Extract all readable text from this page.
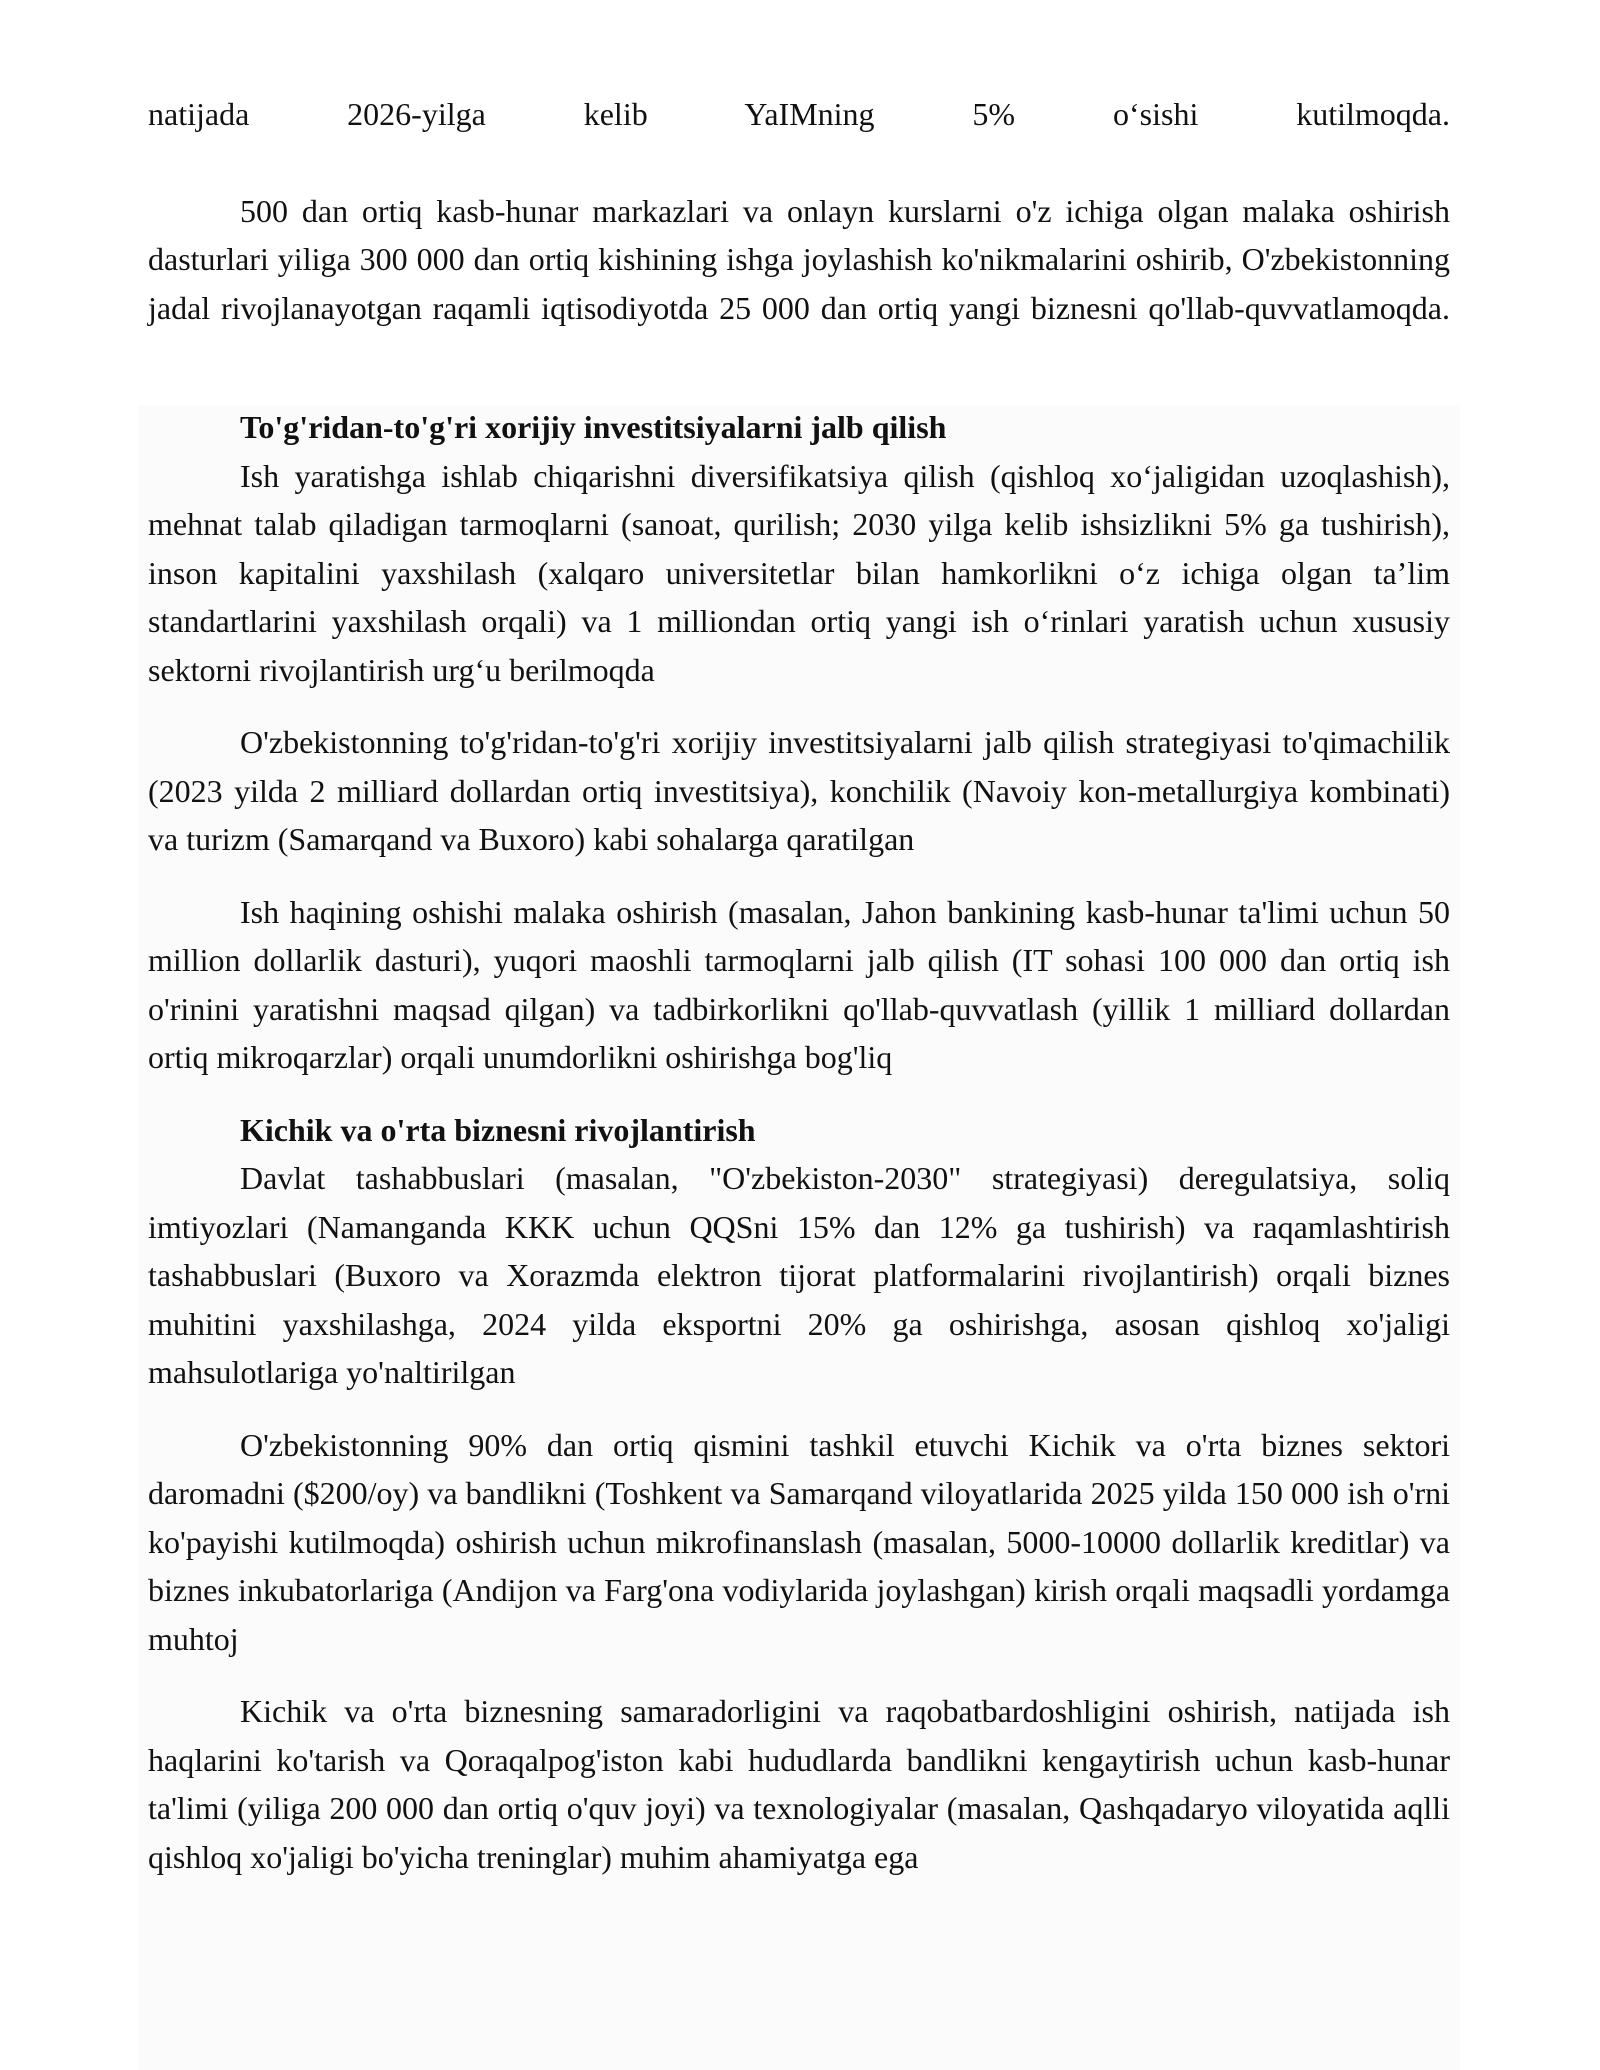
natijada 2026-yilga kelib YaIMning 5% o‘sishi kutilmoqda.

500 dan ortiq kasb-hunar markazlari va onlayn kurslarni o'z ichiga olgan malaka oshirish dasturlari yiliga 300 000 dan ortiq kishining ishga joylashish ko'nikmalarini oshirib, O'zbekistonning jadal rivojlanayotgan raqamli iqtisodiyotda 25 000 dan ortiq yangi biznesni qo'llab-quvvatlamoqda.

To'g'ridan-to'g'ri xorijiy investitsiyalarni jalb qilish

Ish yaratishga ishlab chiqarishni diversifikatsiya qilish (qishloq xo‘jaligidan uzoqlashish), mehnat talab qiladigan tarmoqlarni (sanoat, qurilish; 2030 yilga kelib ishsizlikni 5% ga tushirish), inson kapitalini yaxshilash (xalqaro universitetlar bilan hamkorlikni o‘z ichiga olgan ta’lim standartlarini yaxshilash orqali) va 1 milliondan ortiq yangi ish o‘rinlari yaratish uchun xususiy sektorni rivojlantirish urg‘u berilmoqda

O'zbekistonning to'g'ridan-to'g'ri xorijiy investitsiyalarni jalb qilish strategiyasi to'qimachilik (2023 yilda 2 milliard dollardan ortiq investitsiya), konchilik (Navoiy kon-metallurgiya kombinati) va turizm (Samarqand va Buxoro) kabi sohalarga qaratilgan

Ish haqining oshishi malaka oshirish (masalan, Jahon bankining kasb-hunar ta'limi uchun 50 million dollarlik dasturi), yuqori maoshli tarmoqlarni jalb qilish (IT sohasi 100 000 dan ortiq ish o'rinini yaratishni maqsad qilgan) va tadbirkorlikni qo'llab-quvvatlash (yillik 1 milliard dollardan ortiq mikroqarzlar) orqali unumdorlikni oshirishga bog'liq

Kichik va o'rta biznesni rivojlantirish

Davlat tashabbuslari (masalan, "O'zbekiston-2030" strategiyasi) deregulatsiya, soliq imtiyozlari (Namanganda KKK uchun QQSni 15% dan 12% ga tushirish) va raqamlashtirish tashabbuslari (Buxoro va Xorazmda elektron tijorat platformalarini rivojlantirish) orqali biznes muhitini yaxshilashga, 2024 yilda eksportni 20% ga oshirishga, asosan qishloq xo'jaligi mahsulotlariga yo'naltirilgan

O'zbekistonning 90% dan ortiq qismini tashkil etuvchi Kichik va o'rta biznes sektori daromadni ($200/oy) va bandlikni (Toshkent va Samarqand viloyatlarida 2025 yilda 150 000 ish o'rni ko'payishi kutilmoqda) oshirish uchun mikrofinanslash (masalan, 5000-10000 dollarlik kreditlar) va biznes inkubatorlariga (Andijon va Farg'ona vodiylarida joylashgan) kirish orqali maqsadli yordamga muhtoj

Kichik va o'rta biznesning samaradorligini va raqobatbardoshligini oshirish, natijada ish haqlarini ko'tarish va Qoraqalpog'iston kabi hududlarda bandlikni kengaytirish uchun kasb-hunar ta'limi (yiliga 200 000 dan ortiq o'quv joyi) va texnologiyalar (masalan, Qashqadaryo viloyatida aqlli qishloq xo'jaligi bo'yicha treninglar) muhim ahamiyatga ega
